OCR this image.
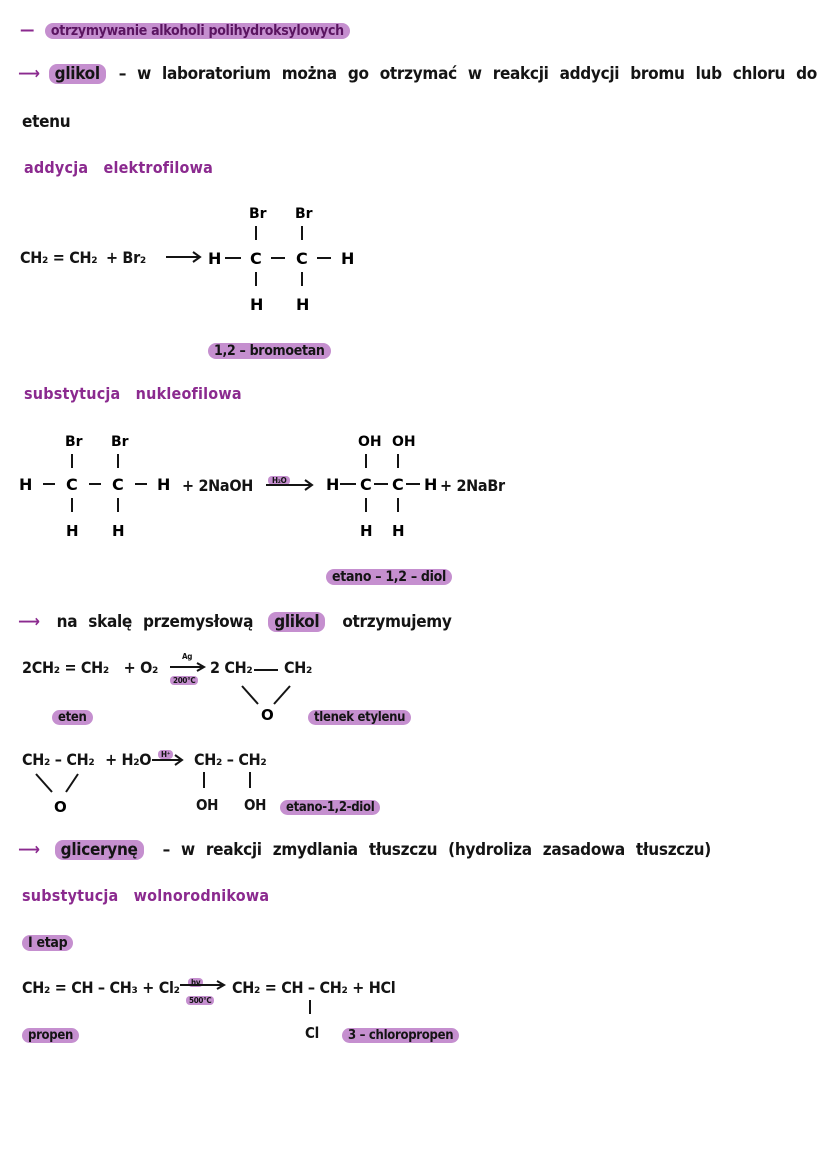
— otrzymywanie alkoholi polihydroksylowych
⟶ glikol – w laboratorium można go otrzymać w reakcji addycji bromu lub chloru do
etenu
addycja elektrofilowa
CH₂ = CH₂ + Br₂
Br Br
H C C H
H H
1,2 – bromoetan
substytucja nukleofilowa
Br Br
H C C H
H H
+ 2NaOH	H₂O
OH OH
H C C H
H H
+ 2NaBr
etano – 1,2 – diol
⟶ na skalę przemysłową glikol otrzymujemy
2CH₂ = CH₂ + O₂
Ag
200°C
2 CH₂
O
CH₂
eten	tlenek etylenu
CH₂ – CH₂ + H₂O
O
H⁺ CH₂ – CH₂
OH OH	etano-1,2-diol
⟶ glicerynę – w reakcji zmydlania tłuszczu (hydroliza zasadowa tłuszczu)
substytucja wolnorodnikowa
I etap
CH₂ = CH – CH₃ + Cl₂	hv
500°C
CH₂ = CH – CH₂ + HCl
Cl
propen	3 – chloropropen
